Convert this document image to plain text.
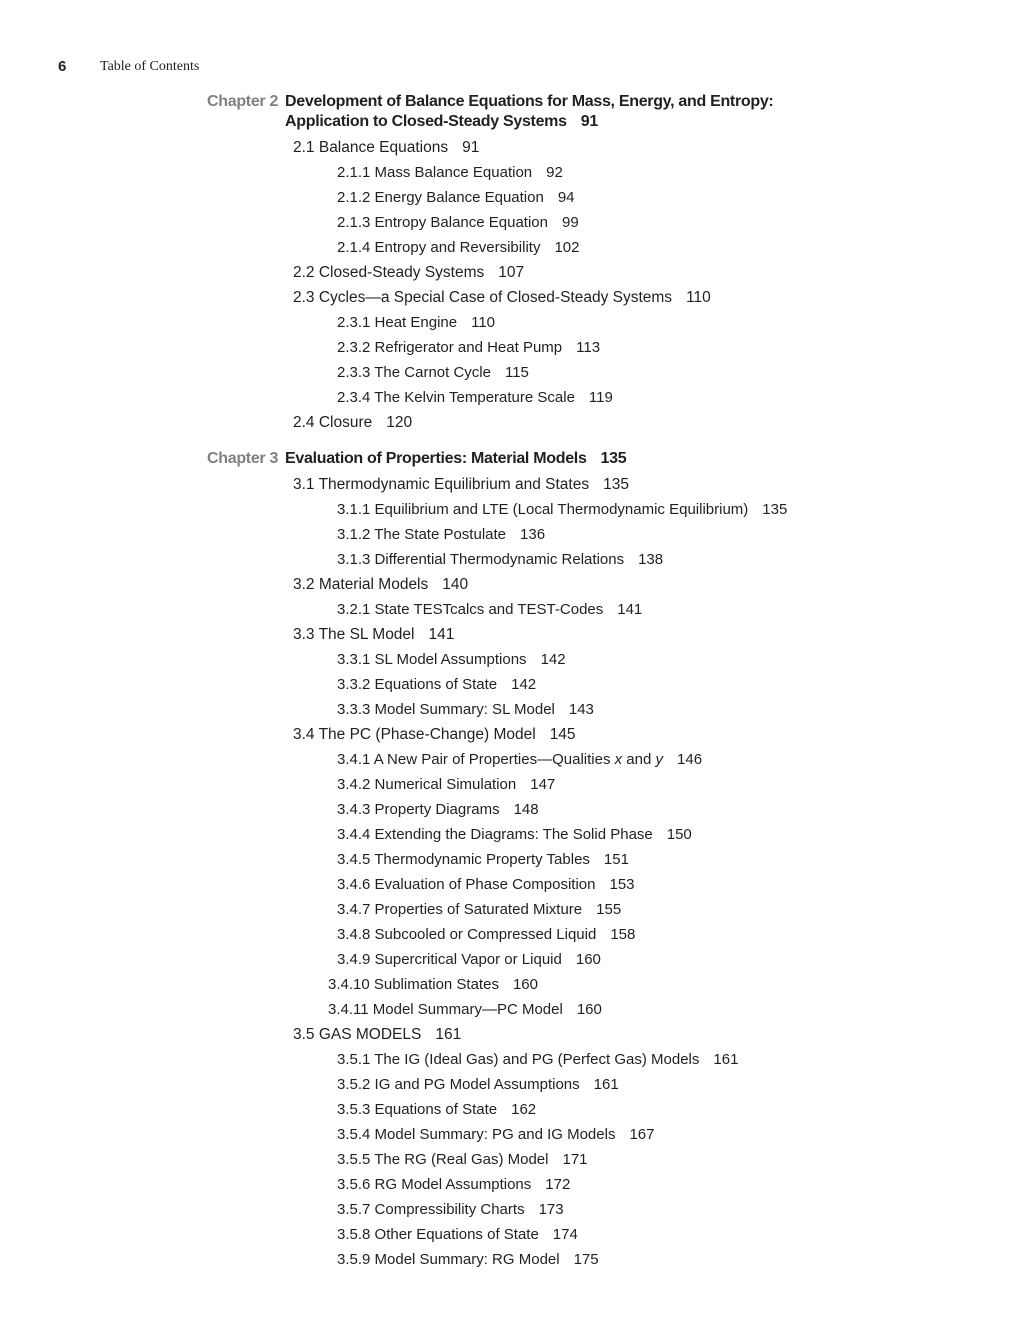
6 Table of Contents
Chapter 2 Development of Balance Equations for Mass, Energy, and Entropy: Application to Closed-Steady Systems 91
2.1 Balance Equations 91
2.1.1 Mass Balance Equation 92
2.1.2 Energy Balance Equation 94
2.1.3 Entropy Balance Equation 99
2.1.4 Entropy and Reversibility 102
2.2 Closed-Steady Systems 107
2.3 Cycles—a Special Case of Closed-Steady Systems 110
2.3.1 Heat Engine 110
2.3.2 Refrigerator and Heat Pump 113
2.3.3 The Carnot Cycle 115
2.3.4 The Kelvin Temperature Scale 119
2.4 Closure 120
Chapter 3 Evaluation of Properties: Material Models 135
3.1 Thermodynamic Equilibrium and States 135
3.1.1 Equilibrium and LTE (Local Thermodynamic Equilibrium) 135
3.1.2 The State Postulate 136
3.1.3 Differential Thermodynamic Relations 138
3.2 Material Models 140
3.2.1 State TESTcalcs and TEST-Codes 141
3.3 The SL Model 141
3.3.1 SL Model Assumptions 142
3.3.2 Equations of State 142
3.3.3 Model Summary: SL Model 143
3.4 The PC (Phase-Change) Model 145
3.4.1 A New Pair of Properties—Qualities x and y 146
3.4.2 Numerical Simulation 147
3.4.3 Property Diagrams 148
3.4.4 Extending the Diagrams: The Solid Phase 150
3.4.5 Thermodynamic Property Tables 151
3.4.6 Evaluation of Phase Composition 153
3.4.7 Properties of Saturated Mixture 155
3.4.8 Subcooled or Compressed Liquid 158
3.4.9 Supercritical Vapor or Liquid 160
3.4.10 Sublimation States 160
3.4.11 Model Summary—PC Model 160
3.5 GAS MODELS 161
3.5.1 The IG (Ideal Gas) and PG (Perfect Gas) Models 161
3.5.2 IG and PG Model Assumptions 161
3.5.3 Equations of State 162
3.5.4 Model Summary: PG and IG Models 167
3.5.5 The RG (Real Gas) Model 171
3.5.6 RG Model Assumptions 172
3.5.7 Compressibility Charts 173
3.5.8 Other Equations of State 174
3.5.9 Model Summary: RG Model 175
